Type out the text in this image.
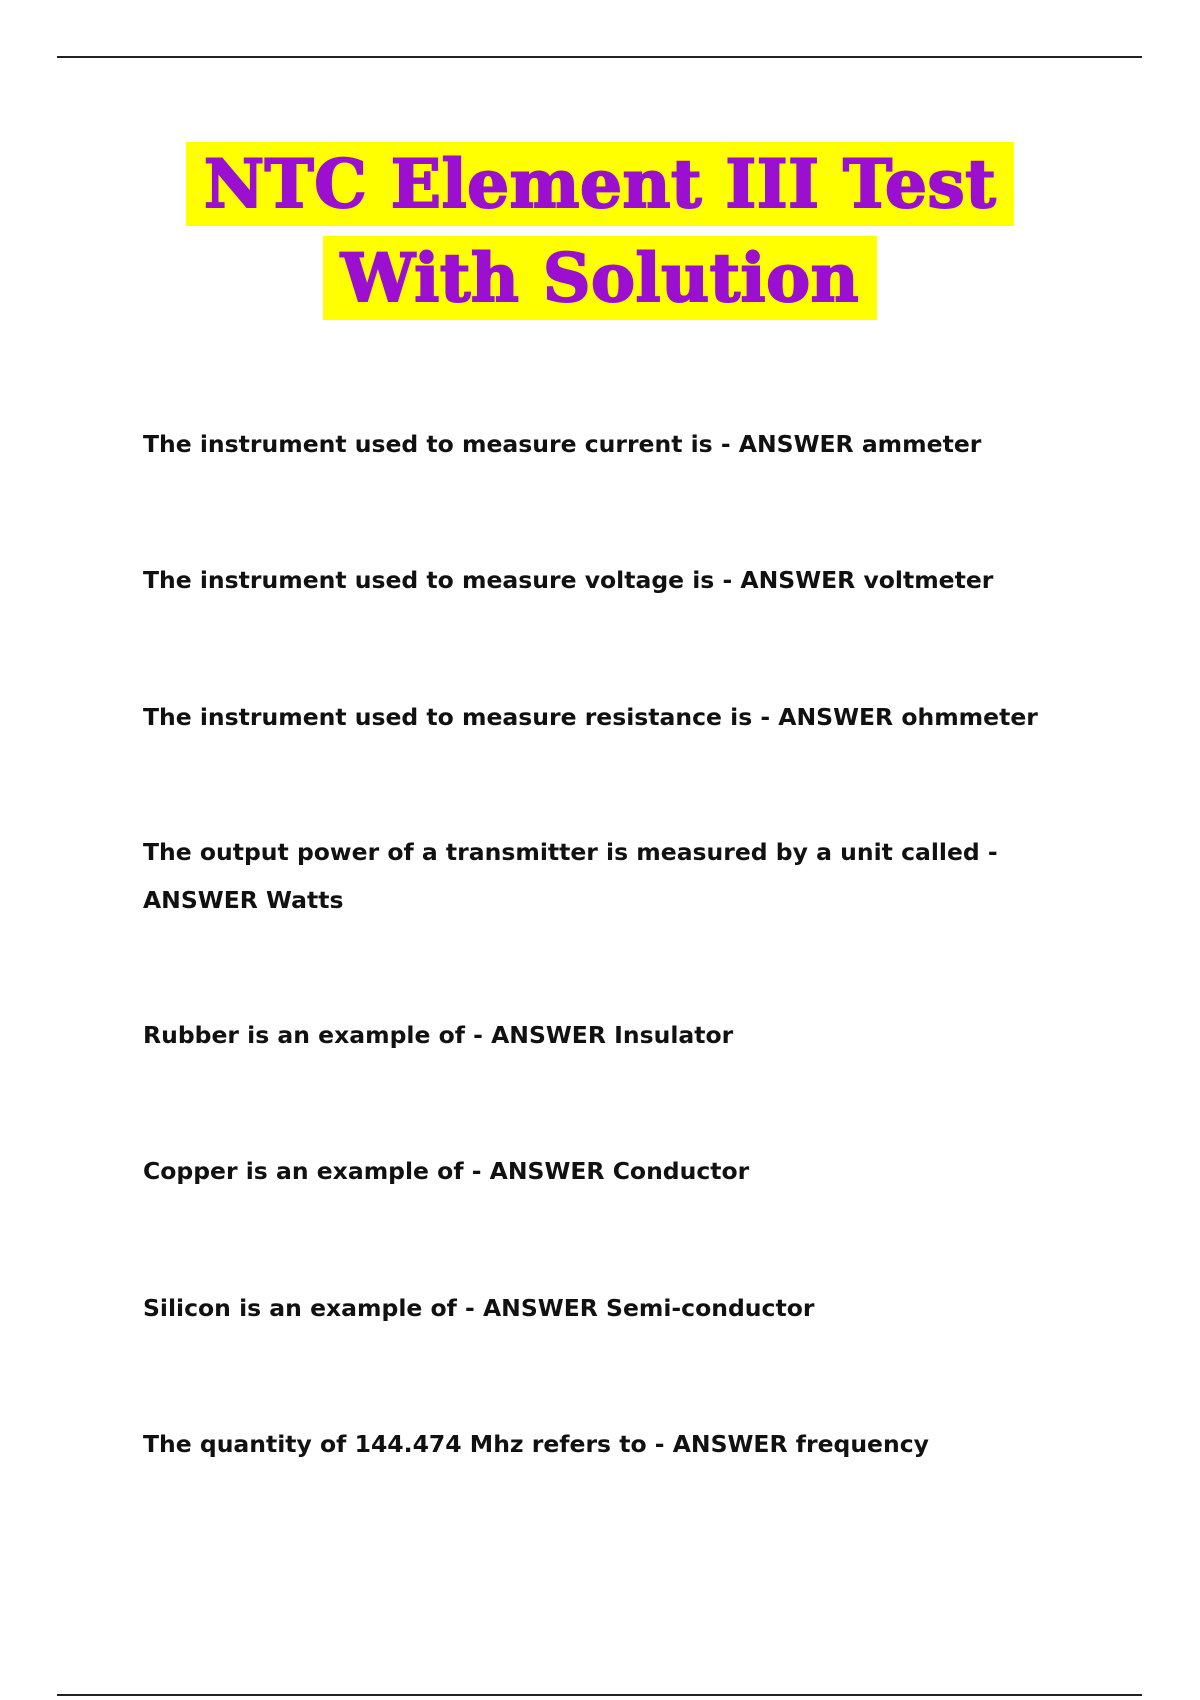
NTC Element III Test
With Solution

The instrument used to measure current is - ANSWER ammeter

The instrument used to measure voltage is - ANSWER voltmeter

The instrument used to measure resistance is - ANSWER ohmmeter

The output power of a transmitter is measured by a unit called - ANSWER Watts

Rubber is an example of - ANSWER Insulator

Copper is an example of - ANSWER Conductor

Silicon is an example of - ANSWER Semi-conductor

The quantity of 144.474 Mhz refers to - ANSWER frequency
